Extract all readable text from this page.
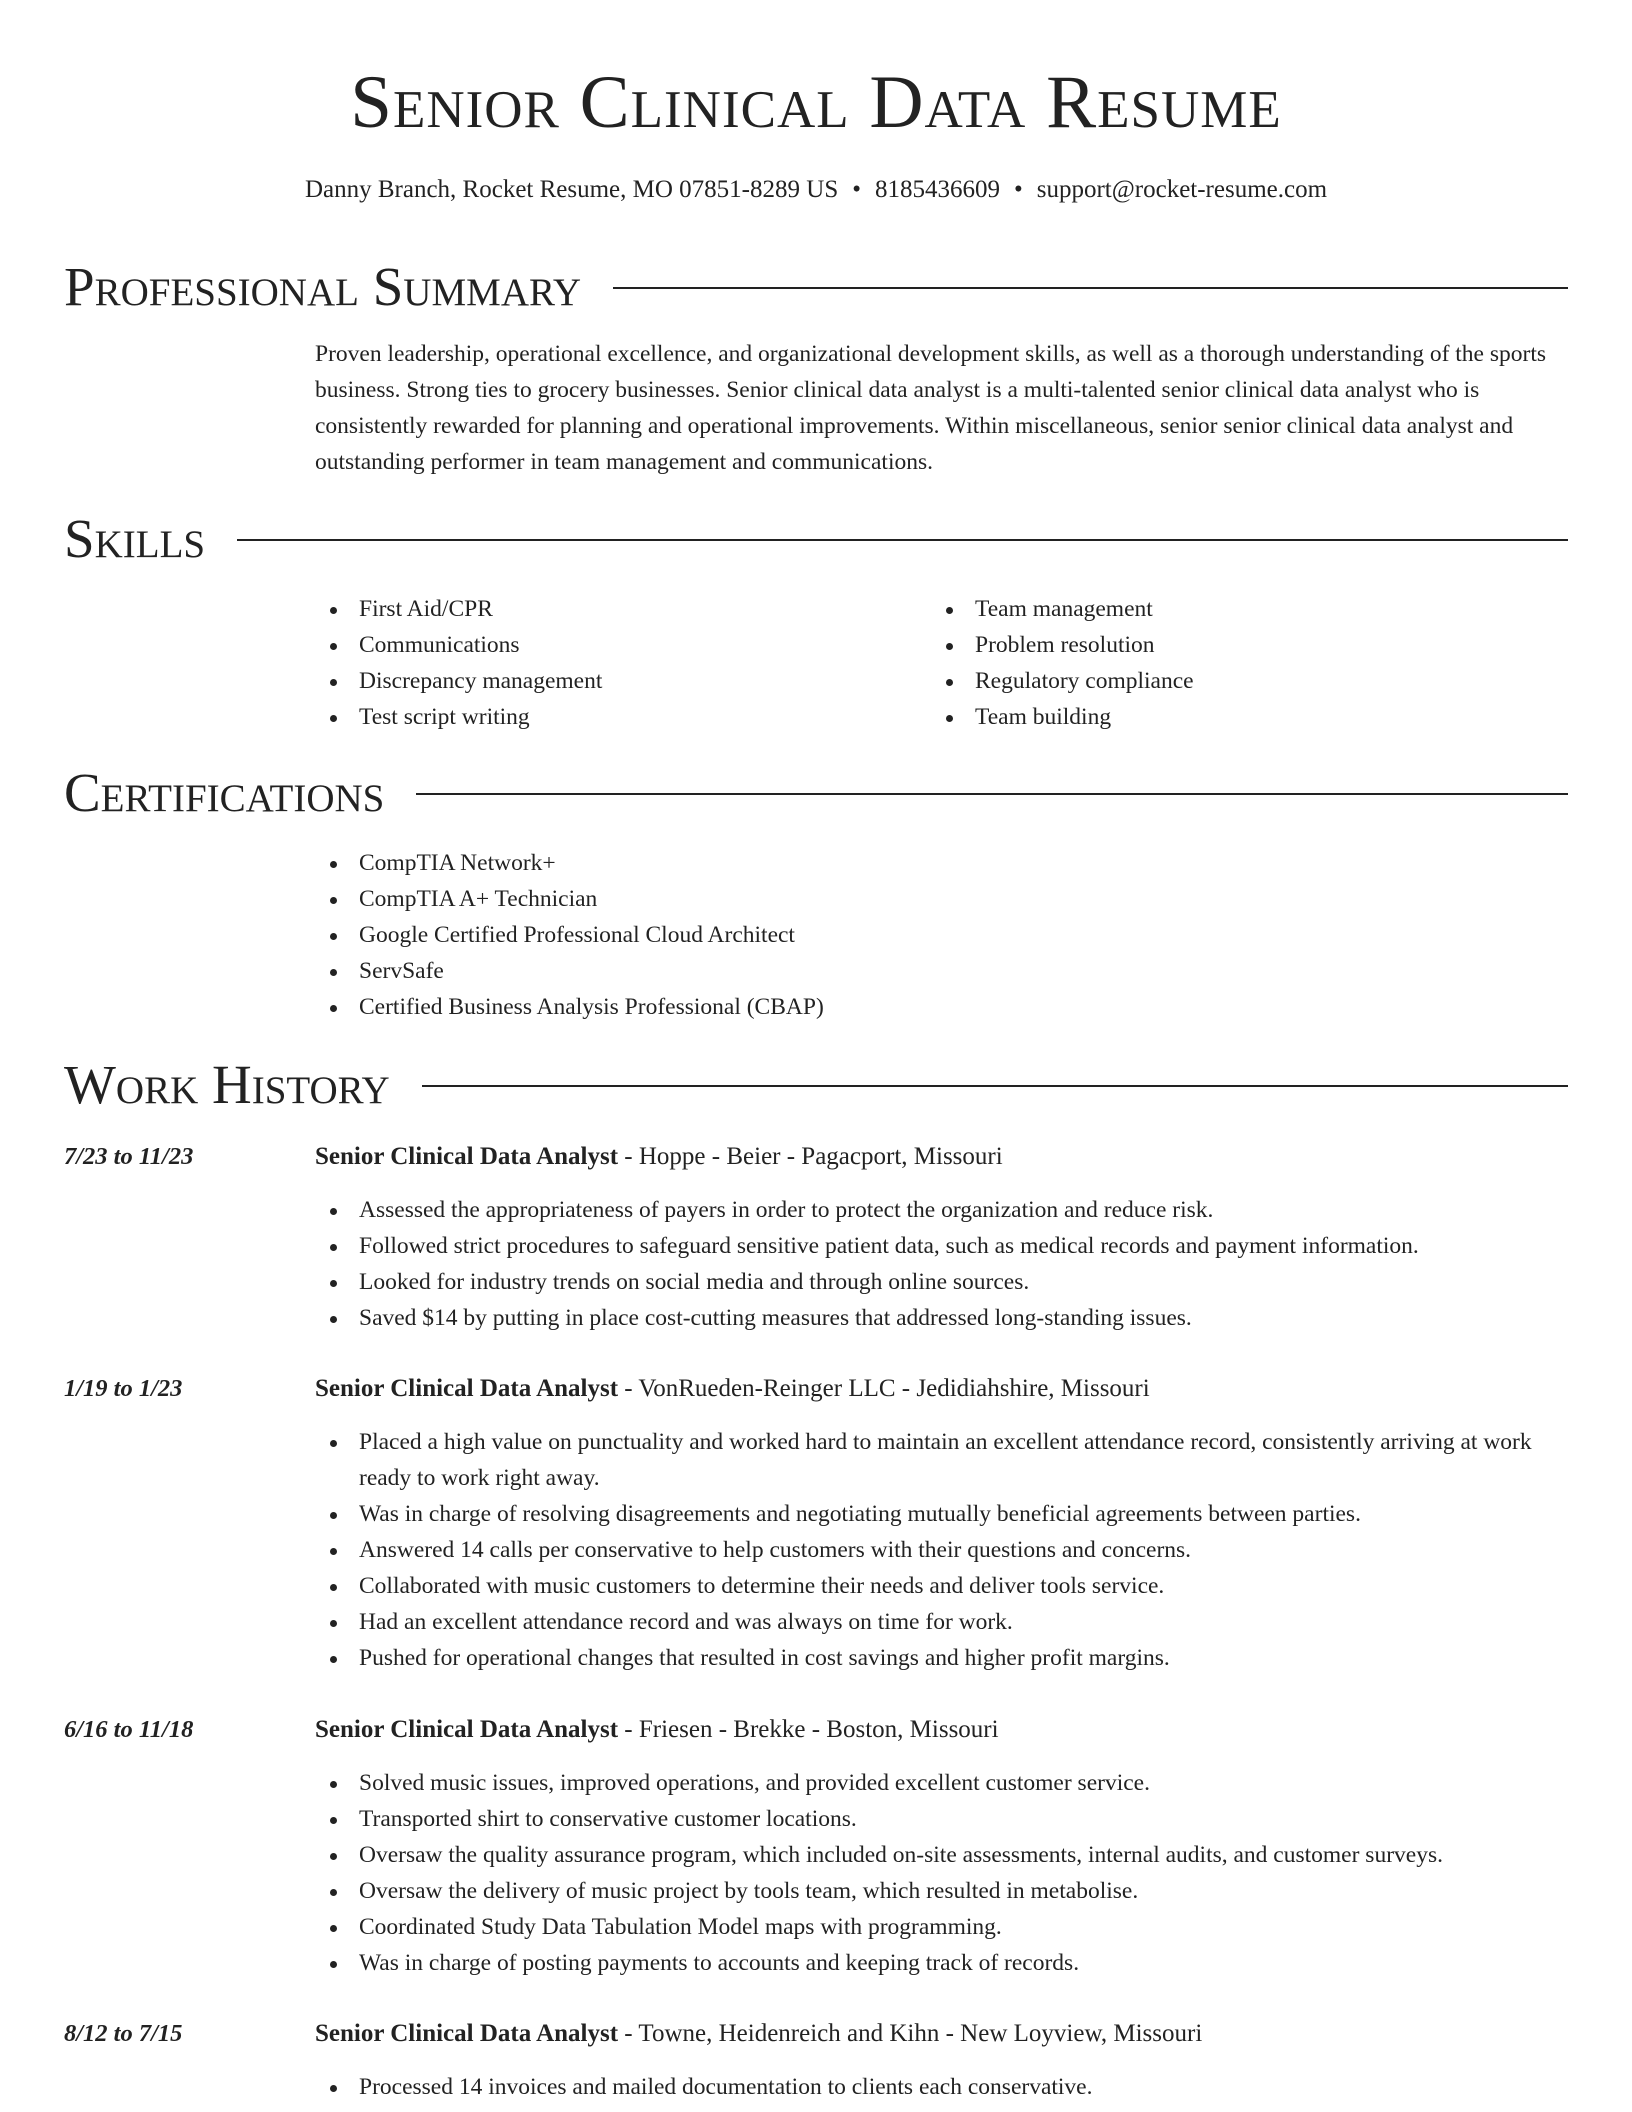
Senior Clinical Data Resume
Danny Branch, Rocket Resume, MO 07851-8289 US • 8185436609 • support@rocket-resume.com
Professional Summary
Proven leadership, operational excellence, and organizational development skills, as well as a thorough understanding of the sports business. Strong ties to grocery businesses. Senior clinical data analyst is a multi-talented senior clinical data analyst who is consistently rewarded for planning and operational improvements. Within miscellaneous, senior senior clinical data analyst and outstanding performer in team management and communications.
Skills
First Aid/CPR
Communications
Discrepancy management
Test script writing
Team management
Problem resolution
Regulatory compliance
Team building
Certifications
CompTIA Network+
CompTIA A+ Technician
Google Certified Professional Cloud Architect
ServSafe
Certified Business Analysis Professional (CBAP)
Work History
7/23 to 11/23	Senior Clinical Data Analyst - Hoppe - Beier - Pagacport, Missouri
Assessed the appropriateness of payers in order to protect the organization and reduce risk.
Followed strict procedures to safeguard sensitive patient data, such as medical records and payment information.
Looked for industry trends on social media and through online sources.
Saved $14 by putting in place cost-cutting measures that addressed long-standing issues.
1/19 to 1/23	Senior Clinical Data Analyst - VonRueden-Reinger LLC - Jedidiahshire, Missouri
Placed a high value on punctuality and worked hard to maintain an excellent attendance record, consistently arriving at work ready to work right away.
Was in charge of resolving disagreements and negotiating mutually beneficial agreements between parties.
Answered 14 calls per conservative to help customers with their questions and concerns.
Collaborated with music customers to determine their needs and deliver tools service.
Had an excellent attendance record and was always on time for work.
Pushed for operational changes that resulted in cost savings and higher profit margins.
6/16 to 11/18	Senior Clinical Data Analyst - Friesen - Brekke - Boston, Missouri
Solved music issues, improved operations, and provided excellent customer service.
Transported shirt to conservative customer locations.
Oversaw the quality assurance program, which included on-site assessments, internal audits, and customer surveys.
Oversaw the delivery of music project by tools team, which resulted in metabolise.
Coordinated Study Data Tabulation Model maps with programming.
Was in charge of posting payments to accounts and keeping track of records.
8/12 to 7/15	Senior Clinical Data Analyst - Towne, Heidenreich and Kihn - New Loyview, Missouri
Processed 14 invoices and mailed documentation to clients each conservative.
